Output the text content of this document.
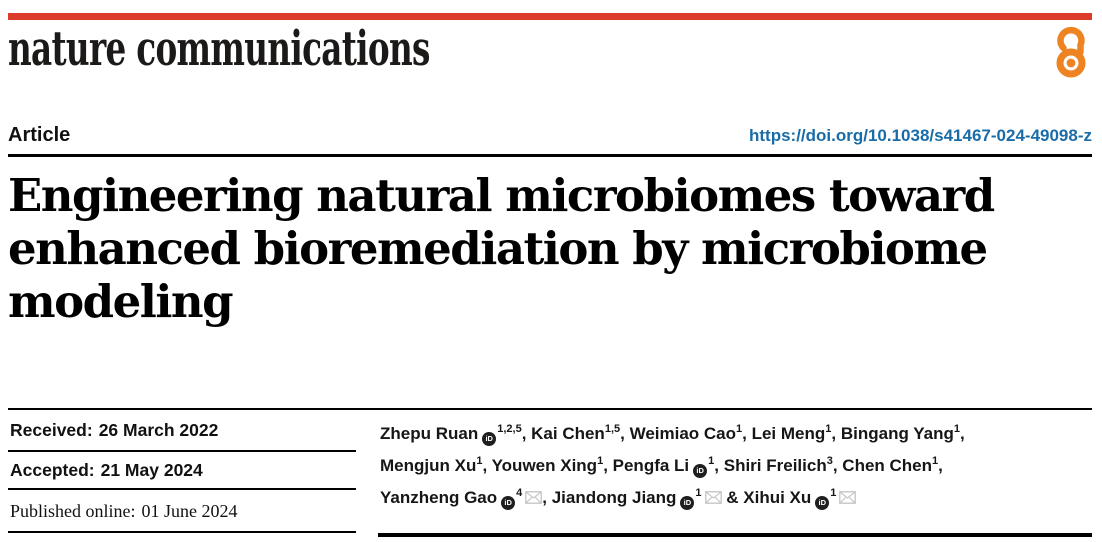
nature communications
Article	https://doi.org/10.1038/s41467-024-49098-z
Engineering natural microbiomes toward
enhanced bioremediation by microbiome
modeling
Received: 26 March 2022
Accepted: 21 May 2024
Published online: 01 June 2024
Zhepu Ruan iD$^{1,2,5}$, Kai Chen$^{1,5}$, Weimiao Cao$^1$, Lei Meng$^1$, Bingang Yang$^1$,
Mengjun Xu$^1$, Youwen Xing$^1$, Pengfa Li $iD^1$, Shiri Freilich$^3$, Chen Chen$^1$,
Yanzheng Gao $iD^4$ , Jiandong Jiang $iD^1$ & Xihui Xu $iD^1$
